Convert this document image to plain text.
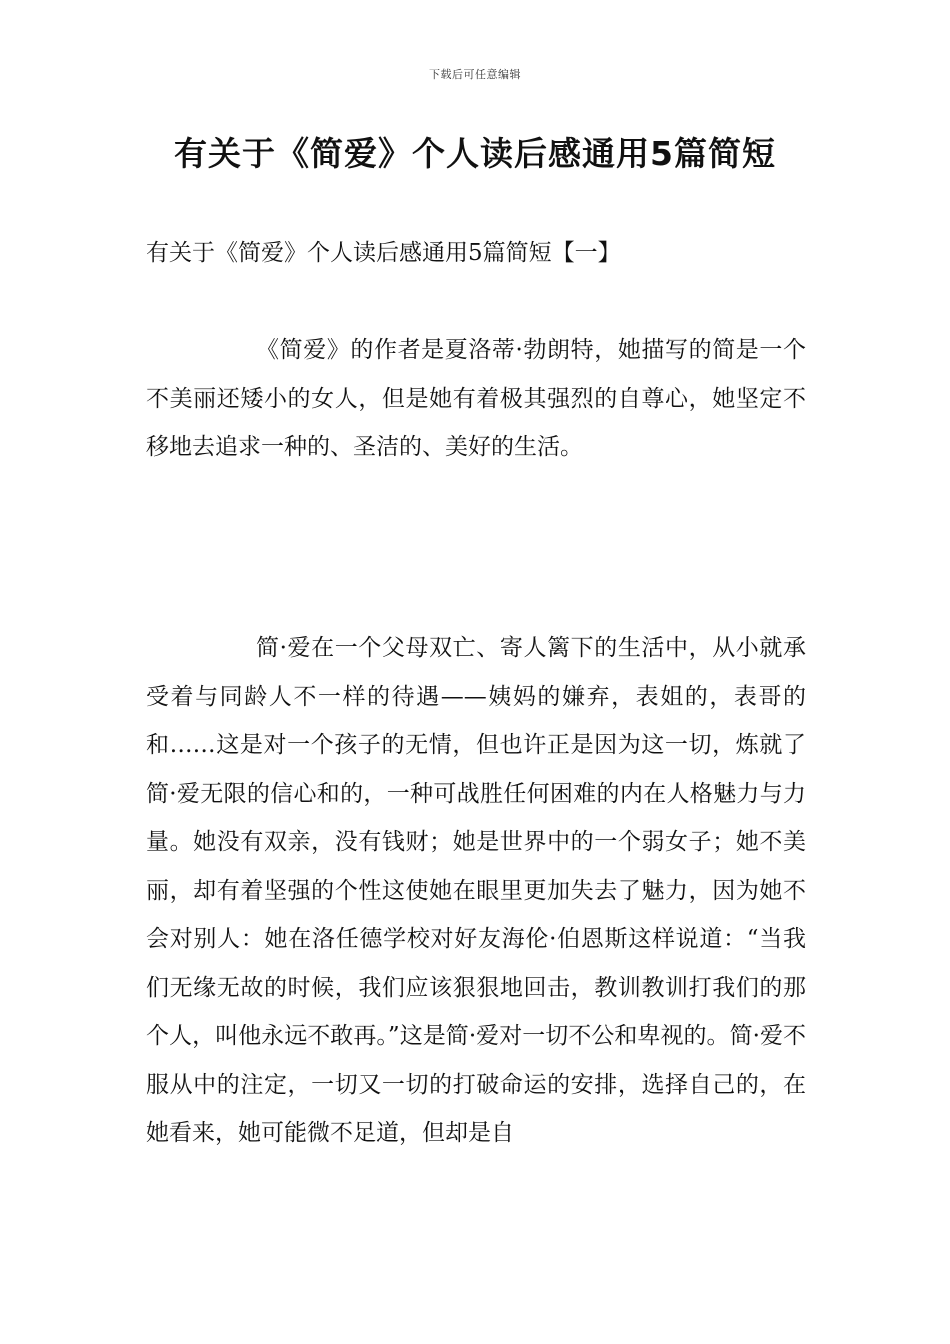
下载后可任意编辑
有关于《简爱》个人读后感通用5篇简短
有关于《简爱》个人读后感通用5篇简短【一】

《简爱》的作者是夏洛蒂·勃朗特，她描写的简是一个不美丽还矮小的女人，但是她有着极其强烈的自尊心，她坚定不移地去追求一种的、圣洁的、美好的生活。

简·爱在一个父母双亡、寄人篱下的生活中，从小就承受着与同龄人不一样的待遇——姨妈的嫌弃，表姐的，表哥的和……这是对一个孩子的无情，但也许正是因为这一切，炼就了简·爱无限的信心和的，一种可战胜任何困难的内在人格魅力与力量。她没有双亲，没有钱财；她是世界中的一个弱女子；她不美丽，却有着坚强的个性这使她在眼里更加失去了魅力，因为她不会对别人：她在洛任德学校对好友海伦·伯恩斯这样说道：“当我们无缘无故的时候，我们应该狠狠地回击，教训教训打我们的那个人，叫他永远不敢再。”这是简·爱对一切不公和卑视的。简·爱不服从中的注定，一切又一切的打破命运的安排，选择自己的，在她看来，她可能微不足道，但却是自
